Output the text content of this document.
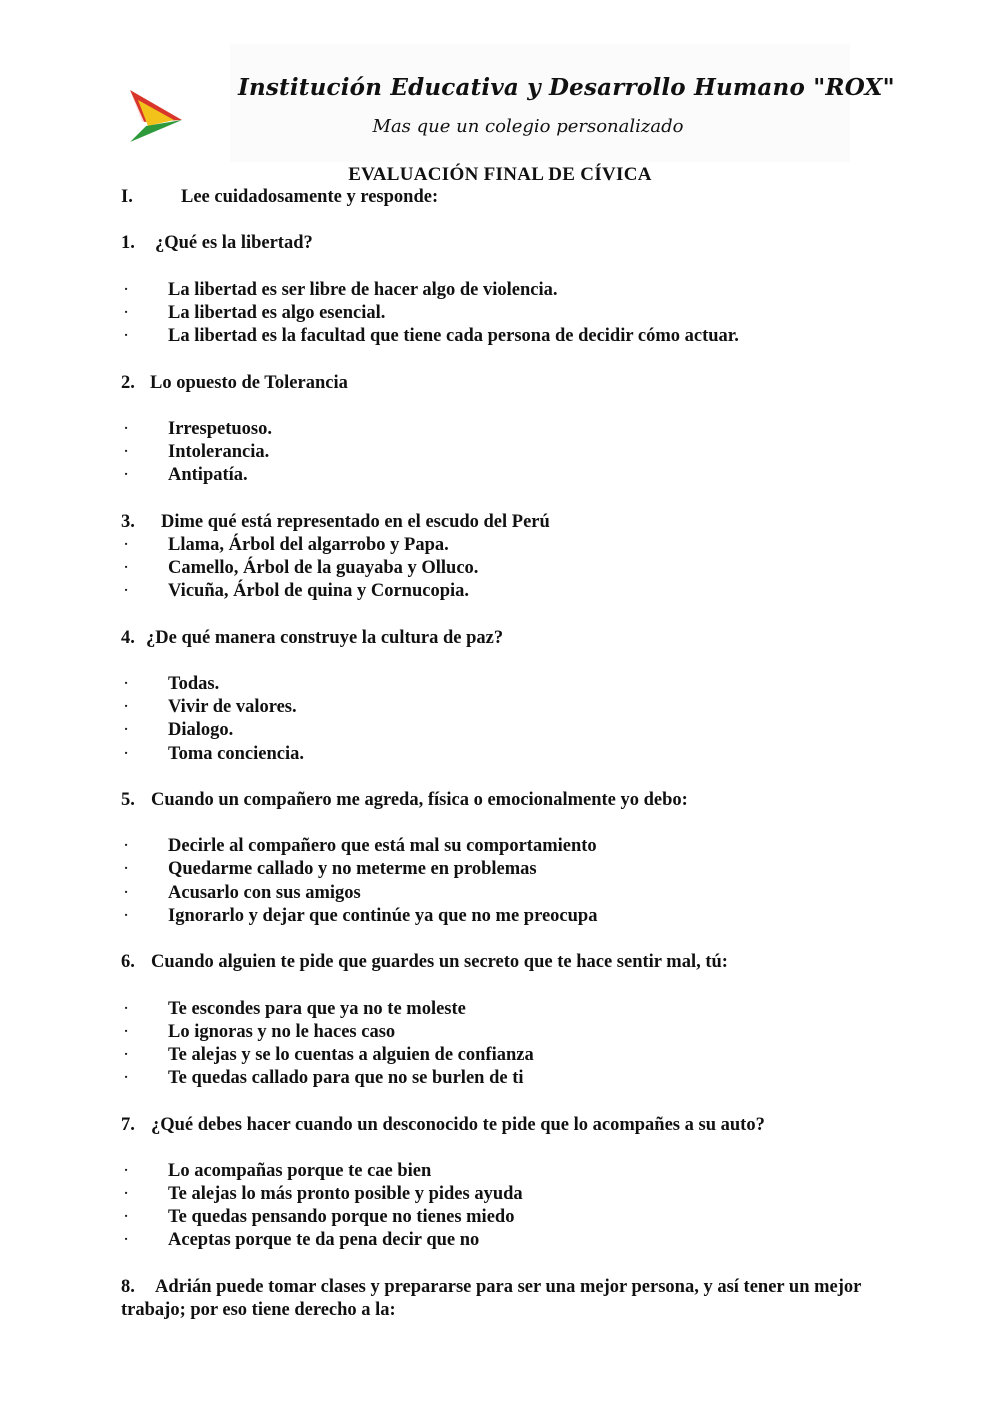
Institución Educativa y Desarrollo Humano "ROX"
Mas que un colegio personalizado
EVALUACIÓN FINAL DE CÍVICA
I.	Lee cuidadosamente y responde:
1. ¿Qué es la libertad?
· La libertad es ser libre de hacer algo de violencia.
· La libertad es algo esencial.
· La libertad es la facultad que tiene cada persona de decidir cómo actuar.
2. Lo opuesto de Tolerancia
· Irrespetuoso.
· Intolerancia.
· Antipatía.
3. Dime qué está representado en el escudo del Perú
· Llama, Árbol del algarrobo y Papa.
· Camello, Árbol de la guayaba y Olluco.
· Vicuña, Árbol de quina y Cornucopia.
4. ¿De qué manera construye la cultura de paz?
· Todas.
· Vivir de valores.
· Dialogo.
· Toma conciencia.
5. Cuando un compañero me agreda, física o emocionalmente yo debo:
· Decirle al compañero que está mal su comportamiento
· Quedarme callado y no meterme en problemas
· Acusarlo con sus amigos
· Ignorarlo y dejar que continúe ya que no me preocupa
6. Cuando alguien te pide que guardes un secreto que te hace sentir mal, tú:
· Te escondes para que ya no te moleste
· Lo ignoras y no le haces caso
· Te alejas y se lo cuentas a alguien de confianza
· Te quedas callado para que no se burlen de ti
7. ¿Qué debes hacer cuando un desconocido te pide que lo acompañes a su auto?
· Lo acompañas porque te cae bien
· Te alejas lo más pronto posible y pides ayuda
· Te quedas pensando porque no tienes miedo
· Aceptas porque te da pena decir que no
8. Adrián puede tomar clases y prepararse para ser una mejor persona, y así tener un mejor trabajo; por eso tiene derecho a la:
